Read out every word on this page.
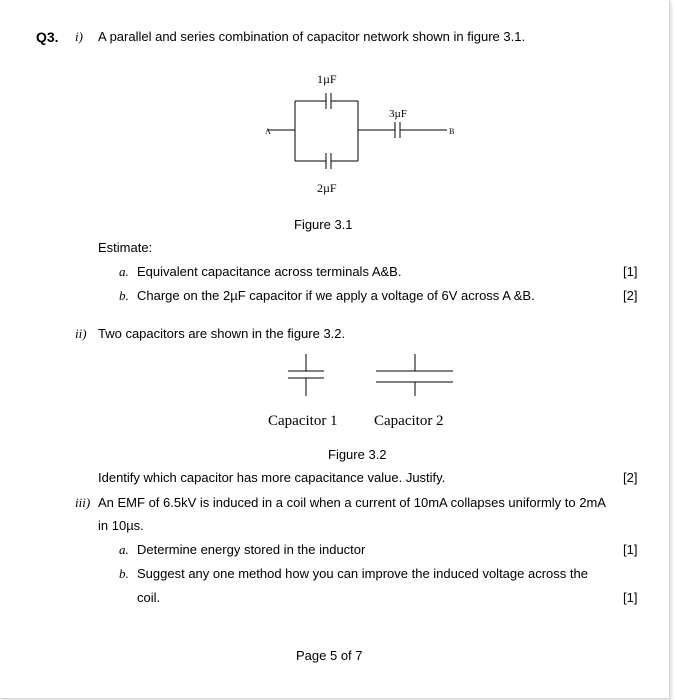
Q3. i) A parallel and series combination of capacitor network shown in figure 3.1.
A	B
1µF
3µF
2µF
Figure 3.1
Estimate:
a. Equivalent capacitance across terminals A&B.	[1]
b. Charge on the 2µF capacitor if we apply a voltage of 6V across A &B.	[2]
ii) Two capacitors are shown in the figure 3.2.
Capacitor 1 Capacitor 2
Figure 3.2
Identify which capacitor has more capacitance value. Justify.	[2]
iii) An EMF of 6.5kV is induced in a coil when a current of 10mA collapses uniformly to 2mA
in 10µs.
a. Determine energy stored in the inductor	[1]
b. Suggest any one method how you can improve the induced voltage across the
coil.	[1]
Page 5 of 7
